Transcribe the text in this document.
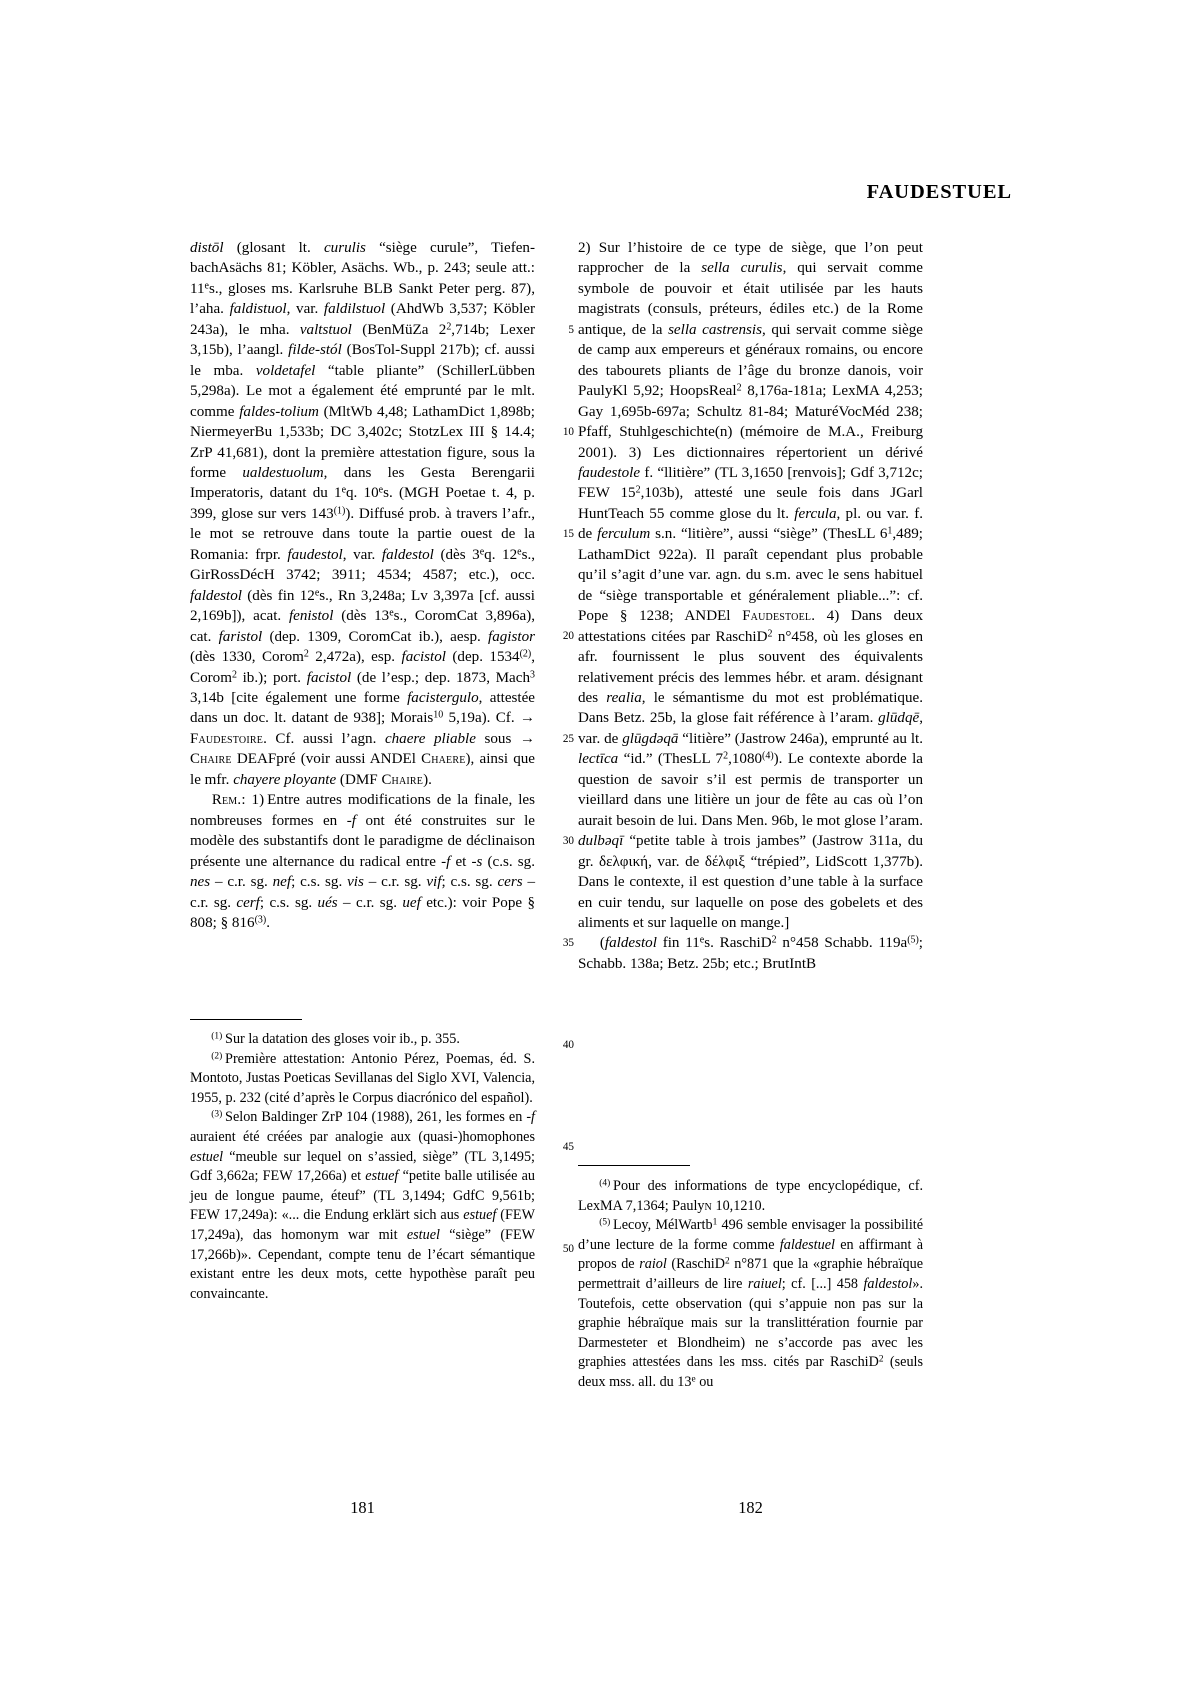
FAUDESTUEL
5
10
15
20
25
30
35
40
45
50

distōl (glosant lt. curulis “siège curule”, Tiefen-bachAsächs 81; Köbler, Asächs. Wb., p. 243; seule att.: 11es., gloses ms. Karlsruhe BLB Sankt Peter perg. 87), l’aha. faldistuol, var. faldilstuol (AhdWb 3,537; Köbler 243a), le mha. valtstuol (BenMüZa $2^2,714b$; Lexer 3,15b), l’aangl. filde-stól (BosTol-Suppl 217b); cf. aussi le mba. voldetafel “table pliante” (SchillerLübben 5,298a). Le mot a également été emprunté par le mlt. comme faldes-tolium (MltWb 4,48; LathamDict 1,898b; NiermeyerBu 1,533b; DC 3,402c; StotzLex III § 14.4; ZrP 41,681), dont la première attestation figure, sous la forme ualdestuolum, dans les Gesta Berengarii Imperatoris, datant du 1eq. 10es. (MGH Poetae t. 4, p. 399, glose sur vers 143$^{(1)}$). Diffusé prob. à travers l’afr., le mot se retrouve dans toute la partie ouest de la Romania: frpr. faudestol, var. faldestol (dès 3eq. 12es., GirRossDécH 3742; 3911; 4534; 4587; etc.), occ. faldestol (dès fin 12es., Rn 3,248a; Lv 3,397a [cf. aussi 2,169b]), acat. fenistol (dès 13es., CoromCat 3,896a), cat. faristol (dep. 1309, CoromCat ib.), aesp. fagistor (dès 1330, Corom$^2$ 2,472a), esp. facistol (dep. 1534$^{(2)}$, Corom$^2$ ib.); port. facistol (de l’esp.; dep. 1873, Mach$^3$ 3,14b [cite également une forme facistergulo, attestée dans un doc. lt. datant de 938]; Morais$^{10}$ 5,19a). Cf. → Faudestoire. Cf. aussi l’agn. chaere pliable sous → Chaire DEAFpré (voir aussi ANDEl Chaere), ainsi que le mfr. chayere ployante (DMF Chaire).

Rem.: 1) Entre autres modifications de la finale, les nombreuses formes en -f ont été construites sur le modèle des substantifs dont le paradigme de déclinaison présente une alternance du radical entre -f et -s (c.s. sg. nes – c.r. sg. nef; c.s. sg. vis – c.r. sg. vif; c.s. sg. cers – c.r. sg. cerf; c.s. sg. ués – c.r. sg. uef etc.): voir Pope § 808; § 816$^{(3)}$.

$^{(1)}$ Sur la datation des gloses voir ib., p. 355.

$^{(2)}$ Première attestation: Antonio Pérez, Poemas, éd. S. Montoto, Justas Poeticas Sevillanas del Siglo XVI, Valencia, 1955, p. 232 (cité d’après le Corpus diacrónico del español).

$^{(3)}$ Selon Baldinger ZrP 104 (1988), 261, les formes en -f auraient été créées par analogie aux (quasi-)homophones estuel “meuble sur lequel on s’assied, siège” (TL 3,1495; Gdf 3,662a; FEW 17,266a) et estuef “petite balle utilisée au jeu de longue paume, éteuf” (TL 3,1494; GdfC 9,561b; FEW 17,249a): «... die Endung erklärt sich aus estuef (FEW 17,249a), das homonym war mit estuel “siège” (FEW 17,266b)». Cependant, compte tenu de l’écart sémantique existant entre les deux mots, cette hypothèse paraît peu convaincante.

2) Sur l’histoire de ce type de siège, que l’on peut rapprocher de la sella curulis, qui servait comme symbole de pouvoir et était utilisée par les hauts magistrats (consuls, préteurs, édiles etc.) de la Rome antique, de la sella castrensis, qui servait comme siège de camp aux empereurs et généraux romains, ou encore des tabourets pliants de l’âge du bronze danois, voir PaulyKl 5,92; HoopsReal$^2$ 8,176a-181a; LexMA 4,253; Gay 1,695b-697a; Schultz 81-84; MaturéVocMéd 238; Pfaff, Stuhlgeschichte(n) (mémoire de M.A., Freiburg 2001). 3) Les dictionnaires répertorient un dérivé faudestole f. “llitière” (TL 3,1650 [renvois]; Gdf 3,712c; FEW $15^2,103b$), attesté une seule fois dans JGarl HuntTeach 55 comme glose du lt. fercula, pl. ou var. f. de ferculum s.n. “litière”, aussi “siège” (ThesLL $6^1,489$; LathamDict 922a). Il paraît cependant plus probable qu’il s’agit d’une var. agn. du s.m. avec le sens habituel de “siège transportable et généralement pliable...”: cf. Pope § 1238; ANDEl Faudestoel. 4) Dans deux attestations citées par RaschiD$^2$ n°458, où les gloses en afr. fournissent le plus souvent des équivalents relativement précis des lemmes hébr. et aram. désignant des realia, le sémantisme du mot est problématique. Dans Betz. 25b, la glose fait référence à l’aram. glūdqē, var. de glūgdəqā “litière” (Jastrow 246a), emprunté au lt. lectīca “id.” (ThesLL $7^2,1080^{(4)}$). Le contexte aborde la question de savoir s’il est permis de transporter un vieillard dans une litière un jour de fête au cas où l’on aurait besoin de lui. Dans Men. 96b, le mot glose l’aram. dulbəqī “petite table à trois jambes” (Jastrow 311a, du gr. δελφική, var. de δέλφιξ “trépied”, LidScott 1,377b). Dans le contexte, il est question d’une table à la surface en cuir tendu, sur laquelle on pose des gobelets et des aliments et sur laquelle on mange.]

(faldestol fin 11es. RaschiD$^2$ n°458 Schabb. $119a^{(5)}$; Schabb. 138a; Betz. 25b; etc.; BrutIntB

$^{(4)}$ Pour des informations de type encyclopédique, cf. LexMA 7,1364; Paulyn 10,1210.

$^{(5)}$ Lecoy, MélWartb$^1$ 496 semble envisager la possibilité d’une lecture de la forme comme faldestuel en affirmant à propos de raiol (RaschiD$^2$ n°871 que la «graphie hébraïque permettrait d’ailleurs de lire raiuel; cf. [...] 458 faldestol». Toutefois, cette observation (qui s’appuie non pas sur la graphie hébraïque mais sur la translittération fournie par Darmesteter et Blondheim) ne s’accorde pas avec les graphies attestées dans les mss. cités par RaschiD$^2$ (seuls deux mss. all. du 13e ou

181	182
